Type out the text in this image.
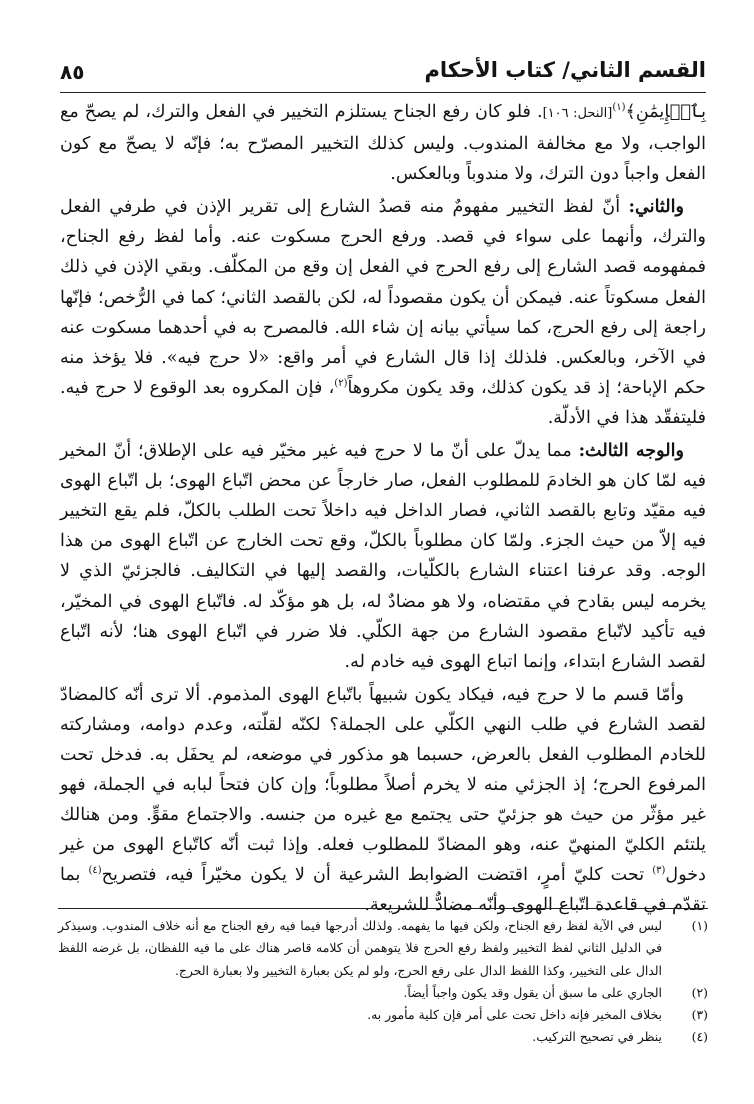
القسم الثاني/ كتاب الأحكام
٨٥

بِٱلۡإِيمَٰنِ﴾$^{(١)}$[النحل: ١٠٦]. فلو كان رفع الجناح يستلزم التخيير في الفعل والترك، لم يصحّ مع الواجب، ولا مع مخالفة المندوب. وليس كذلك التخيير المصرّح به؛ فإنّه لا يصحّ مع كون الفعل واجباً دون الترك، ولا مندوباً وبالعكس.

والثاني: أنّ لفظ التخيير مفهومٌ منه قصدُ الشارع إلى تقرير الإذن في طرفي الفعل والترك، وأنهما على سواء في قصد. ورفع الحرج مسكوت عنه. وأما لفظ رفع الجناح، فمفهومه قصد الشارع إلى رفع الحرج في الفعل إن وقع من المكلّف. وبقي الإذن في ذلك الفعل مسكوتاً عنه. فيمكن أن يكون مقصوداً له، لكن بالقصد الثاني؛ كما في الرُّخص؛ فإنّها راجعة إلى رفع الحرج، كما سيأتي بيانه إن شاء الله. فالمصرح به في أحدهما مسكوت عنه في الآخر، وبالعكس. فلذلك إذا قال الشارع في أمر واقع: «لا حرج فيه». فلا يؤخذ منه حكم الإباحة؛ إذ قد يكون كذلك، وقد يكون مكروهاً$^{(٢)}$، فإن المكروه بعد الوقوع لا حرج فيه. فليتفقّد هذا في الأدلّة.

والوجه الثالث: مما يدلّ على أنّ ما لا حرج فيه غير مخيّر فيه على الإطلاق؛ أنّ المخير فيه لمّا كان هو الخادمَ للمطلوب الفعل، صار خارجاً عن محض اتّباع الهوى؛ بل اتّباع الهوى فيه مقيّد وتابع بالقصد الثاني، فصار الداخل فيه داخلاً تحت الطلب بالكلّ، فلم يقع التخيير فيه إلاّ من حيث الجزء. ولمّا كان مطلوباً بالكلّ، وقع تحت الخارج عن اتّباع الهوى من هذا الوجه. وقد عرفنا اعتناء الشارع بالكلّيات، والقصد إليها في التكاليف. فالجزئيّ الذي لا يخرمه ليس بقادح في مقتضاه، ولا هو مضادٌ له، بل هو مؤكّد له. فاتّباع الهوى في المخيّر، فيه تأكيد لاتّباع مقصود الشارع من جهة الكلّي. فلا ضرر في اتّباع الهوى هنا؛ لأنه اتّباع لقصد الشارع ابتداء، وإنما اتباع الهوى فيه خادم له.

وأمّا قسم ما لا حرج فيه، فيكاد يكون شبيهاً باتّباع الهوى المذموم. ألا ترى أنّه كالمضادّ لقصد الشارع في طلب النهي الكلّي على الجملة؟ لكنّه لقلّته، وعدم دوامه، ومشاركته للخادم المطلوب الفعل بالعرض، حسبما هو مذكور في موضعه، لم يحفَل به. فدخل تحت المرفوع الحرج؛ إذ الجزئي منه لا يخرم أصلاً مطلوباً؛ وإن كان فتحاً لبابه في الجملة، فهو غير مؤثّر من حيث هو جزئيّ حتى يجتمع مع غيره من جنسه. والاجتماع مقوٍّ. ومن هنالك يلتئم الكليّ المنهيّ عنه، وهو المضادّ للمطلوب فعله. وإذا ثبت أنّه كاتّباع الهوى من غير دخول$^{(٣)}$ تحت كليّ أمرٍ، اقتضت الضوابط الشرعية أن لا يكون مخيّراً فيه، فتصريح$^{(٤)}$ بما تقدّم في قاعدة اتّباع الهوى وأنّه مضادٌّ للشريعة.

(١)
ليس في الآية لفظ رفع الجناح، ولكن فيها ما يفهمه. ولذلك أدرجها فيما فيه رفع الجناح مع أنه خلاف المندوب. وسيذكر في الدليل الثاني لفظ التخيير ولفظ رفع الحرج فلا يتوهمن أن كلامه قاصر هناك على ما فيه اللفظان، بل غرضه اللفظ الدال على التخيير، وكذا اللفظ الدال على رفع الحرج، ولو لم يكن بعبارة التخيير ولا بعبارة الحرج.
(٢)
الجاري على ما سبق أن يقول وقد يكون واجباً أيضاً.
(٣)
بخلاف المخير فإنه داخل تحت على أمر فإن كلية مأمور به.
(٤)
ينظر في تصحيح التركيب.
